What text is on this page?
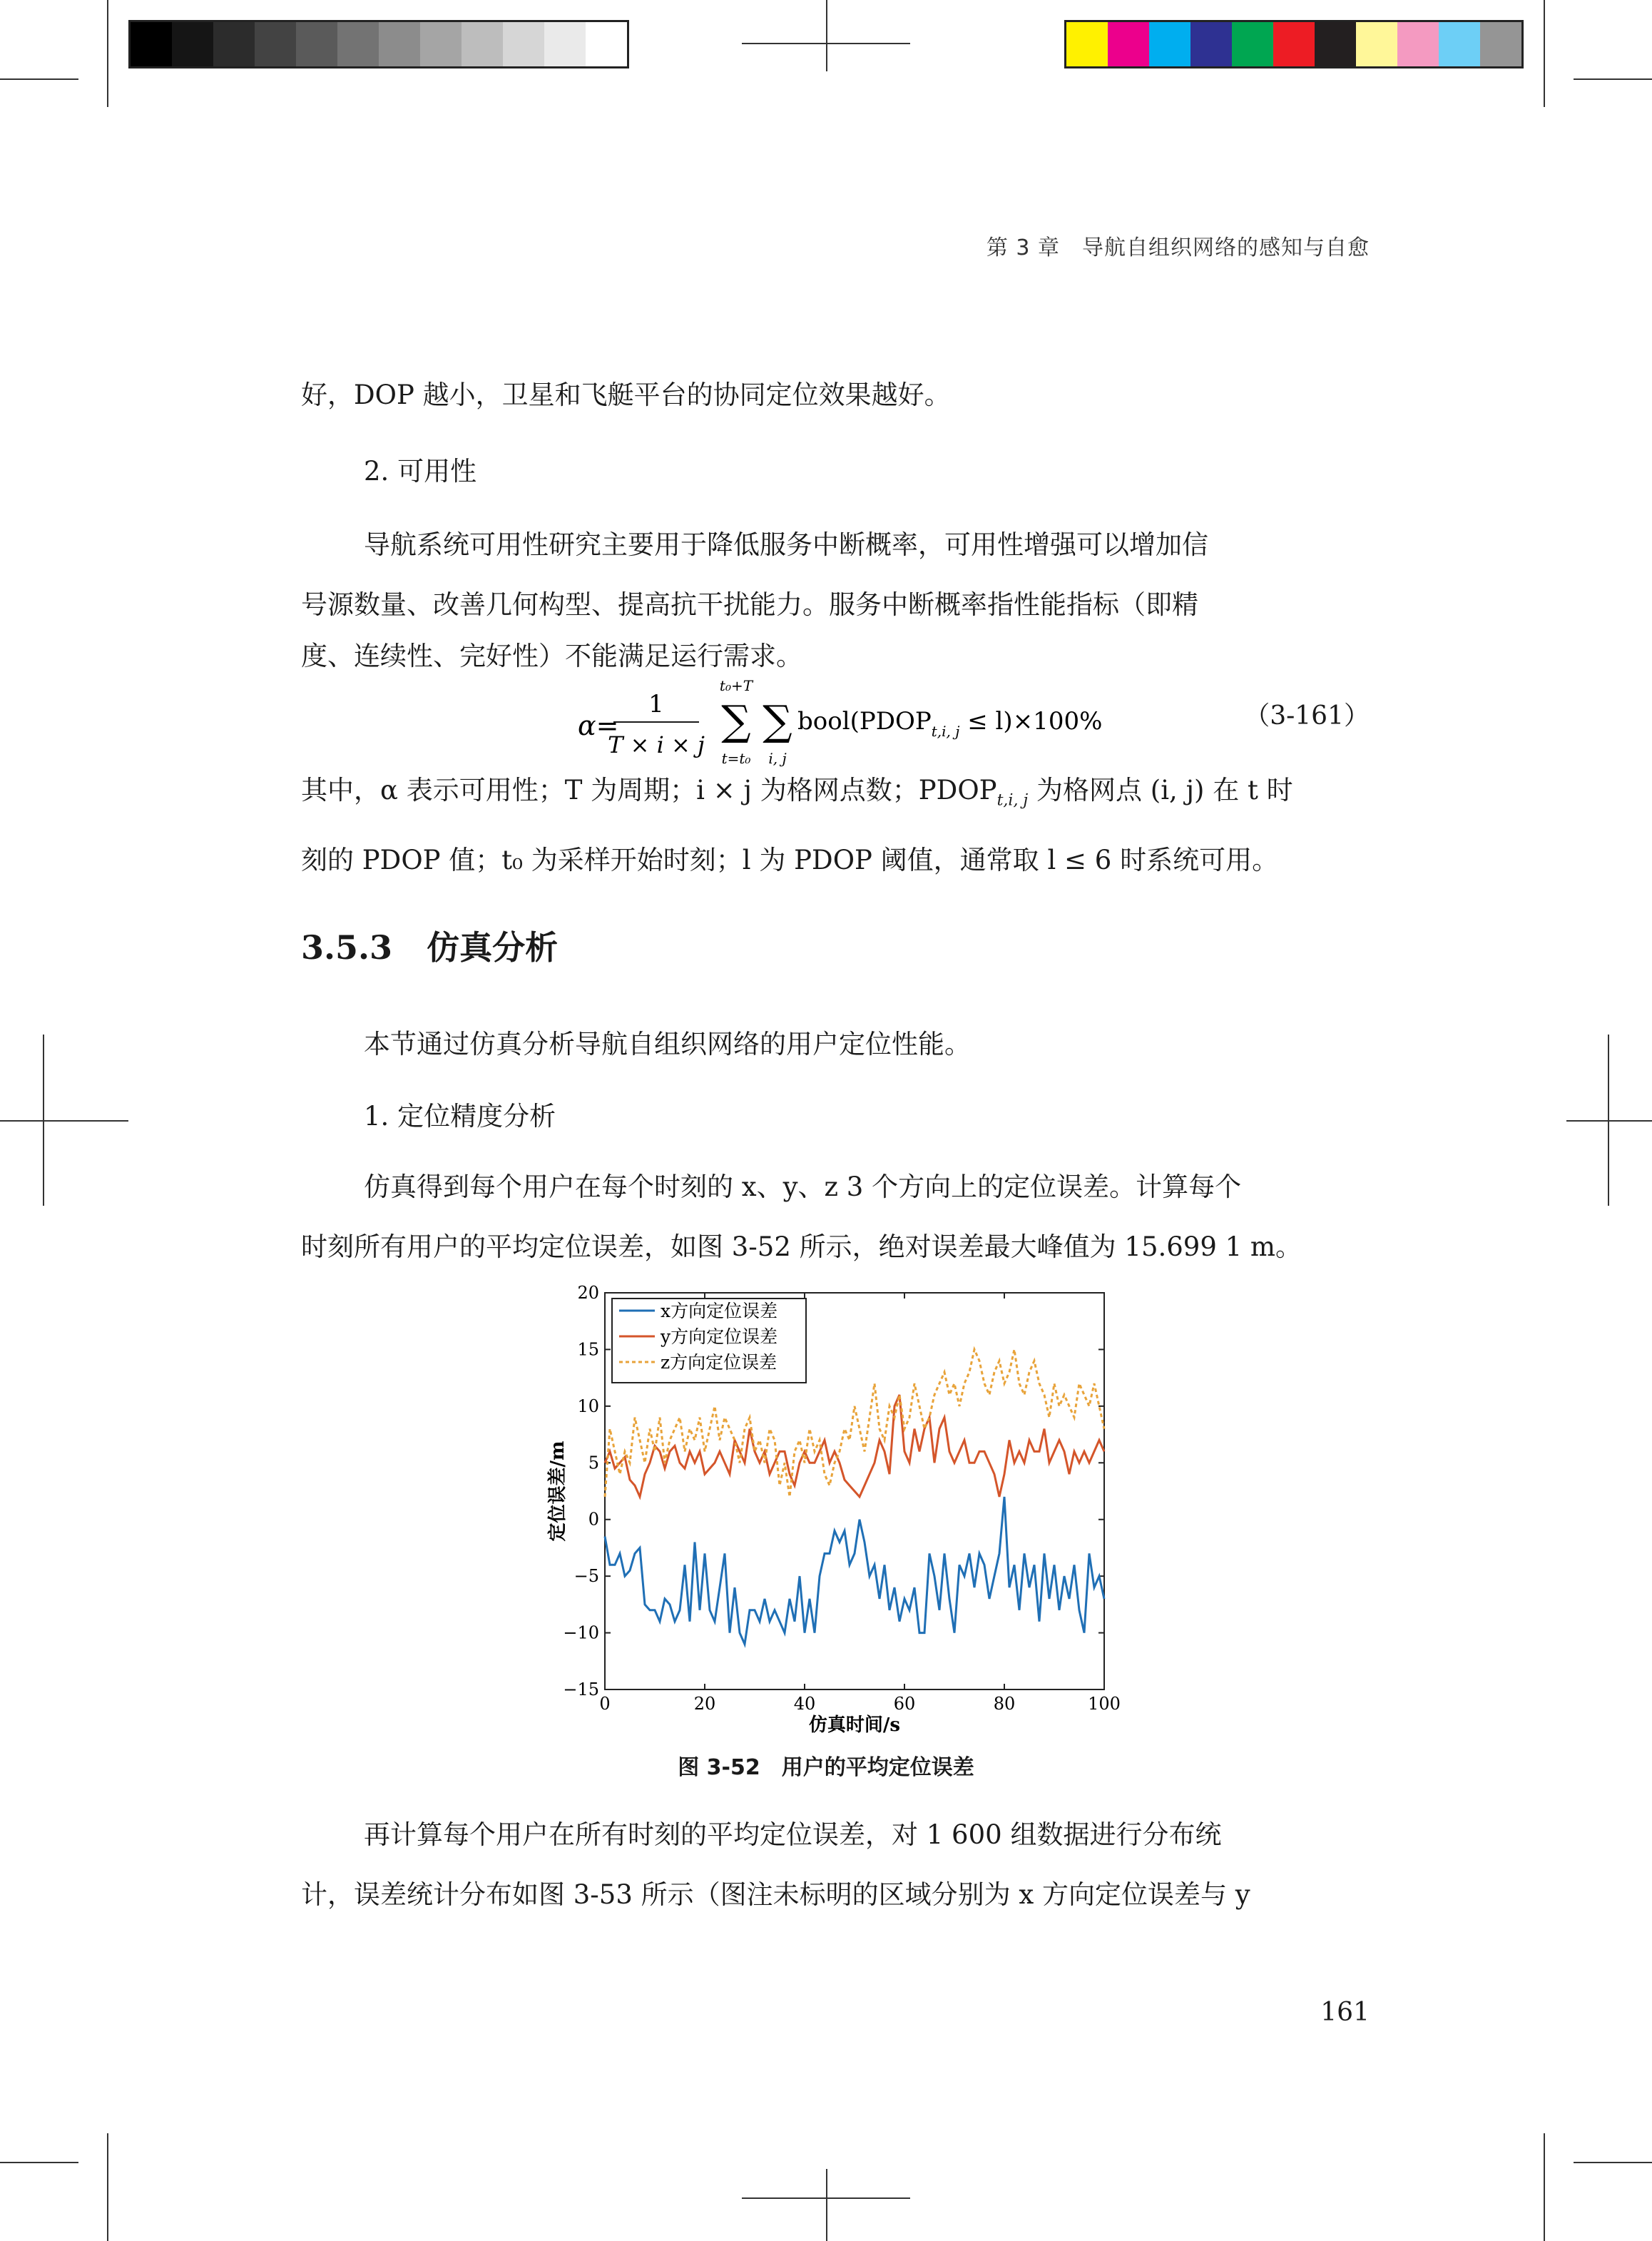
第 3 章　导航自组织网络的感知与自愈

好，DOP 越小，卫星和飞艇平台的协同定位效果越好。

2. 可用性

导航系统可用性研究主要用于降低服务中断概率，可用性增强可以增加信
号源数量、改善几何构型、提高抗干扰能力。服务中断概率指性能指标（即精
度、连续性、完好性）不能满足运行需求。
α=
1
T × i × j
t₀+T
∑
t=t₀
∑
i, j
$bool(PDOP_{t,i, j} \le l)\times 100\%$	（3-161）
其中，α 表示可用性；T 为周期；i × j 为格网点数；$PDOP_{t,i, j}$ 为格网点 (i, j) 在 t 时
刻的 PDOP 值；t₀ 为采样开始时刻；l 为 PDOP 阈值，通常取 l ≤ 6 时系统可用。
3.5.3 仿真分析

本节通过仿真分析导航自组织网络的用户定位性能。

1. 定位精度分析

仿真得到每个用户在每个时刻的 x、y、z 3 个方向上的定位误差。计算每个
时刻所有用户的平均定位误差，如图 3-52 所示，绝对误差最大峰值为 15.699 1 m。
0	20	40	60	80	100
−15
−10
−5
0
5
10
15
20
仿真时间/s
定位误差/m
x方向定位误差
y方向定位误差
z方向定位误差
图 3-52　用户的平均定位误差
再计算每个用户在所有时刻的平均定位误差，对 1 600 组数据进行分布统
计，误差统计分布如图 3-53 所示（图注未标明的区域分别为 x 方向定位误差与 y
161
